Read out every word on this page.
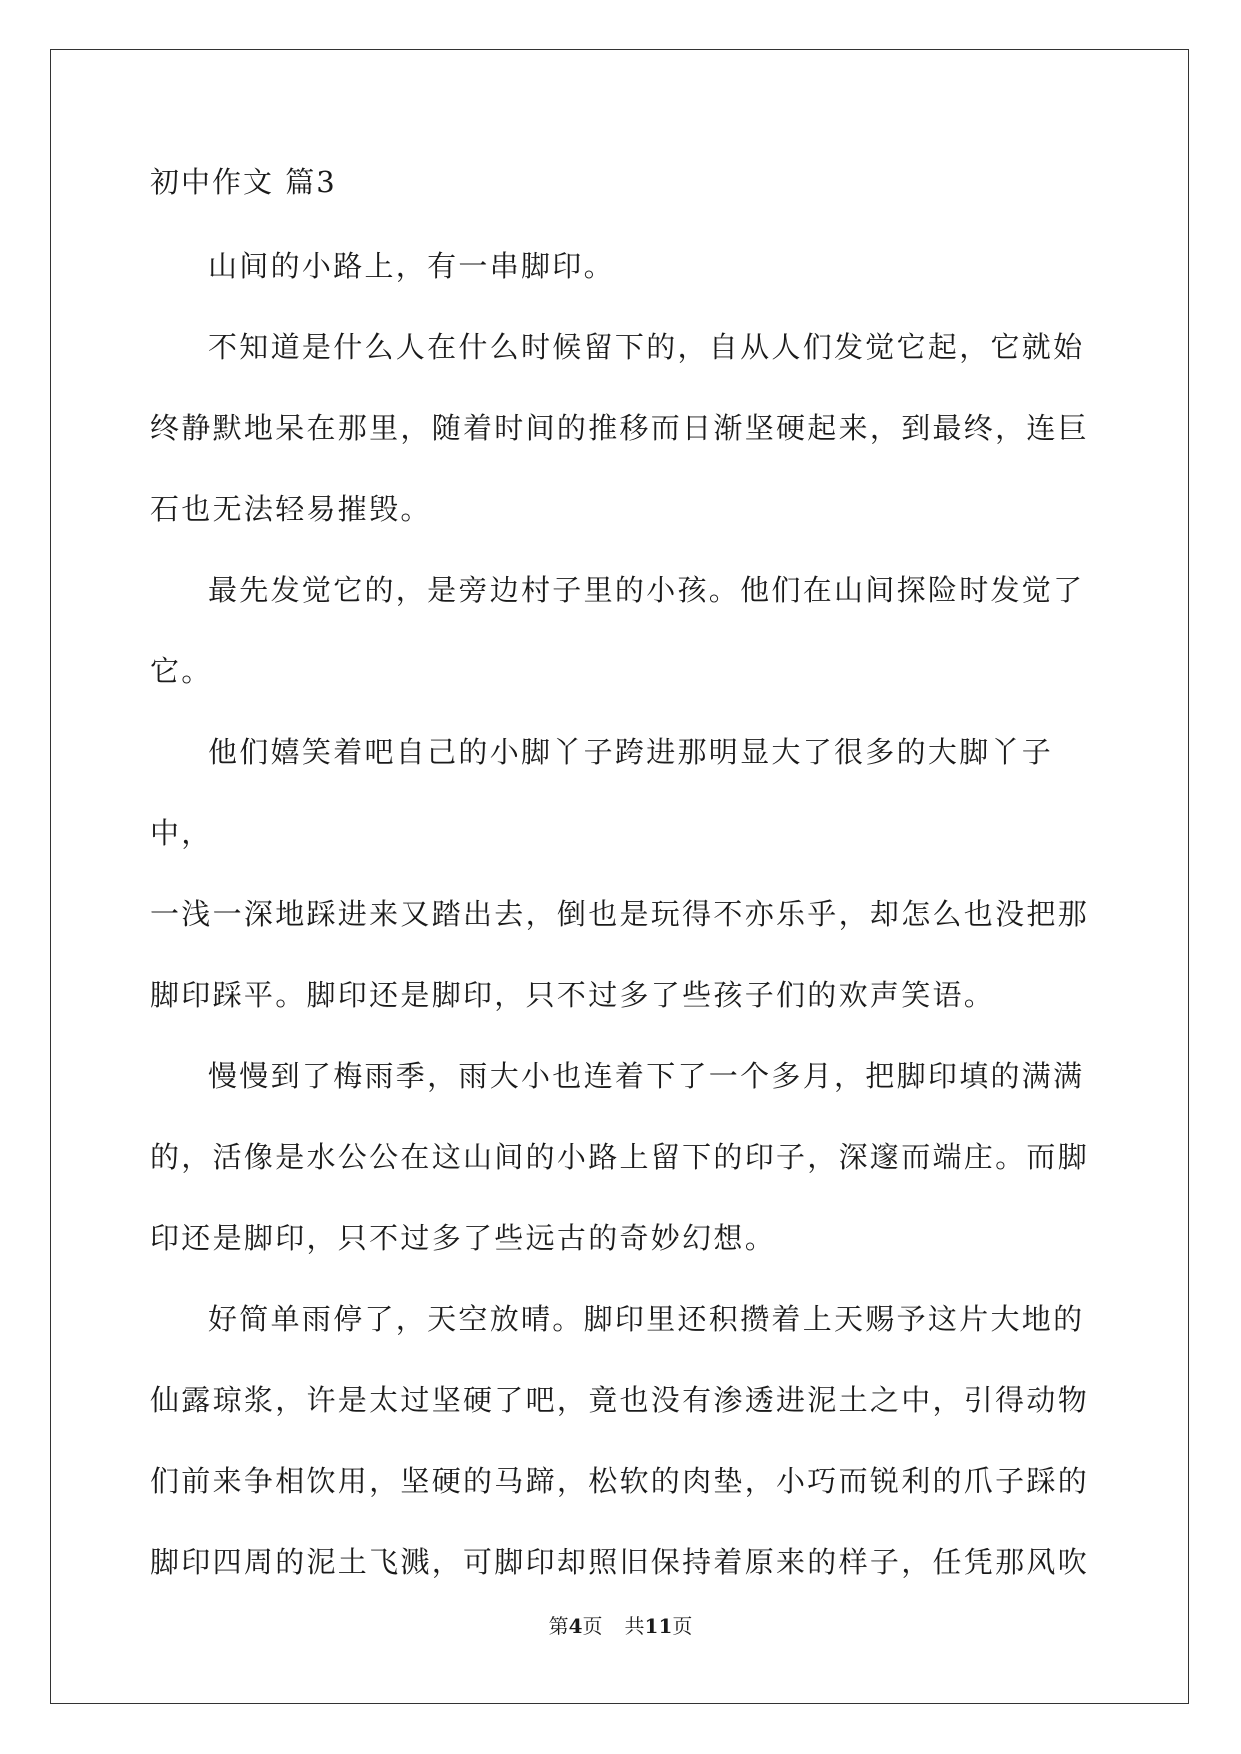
初中作文 篇3

山间的小路上，有一串脚印。

不知道是什么人在什么时候留下的，自从人们发觉它起，它就始
终静默地呆在那里，随着时间的推移而日渐坚硬起来，到最终，连巨
石也无法轻易摧毁。

最先发觉它的，是旁边村子里的小孩。他们在山间探险时发觉了
它。

他们嬉笑着吧自己的小脚丫子跨进那明显大了很多的大脚丫子中，
一浅一深地踩进来又踏出去，倒也是玩得不亦乐乎，却怎么也没把那
脚印踩平。脚印还是脚印，只不过多了些孩子们的欢声笑语。

慢慢到了梅雨季，雨大小也连着下了一个多月，把脚印填的满满
的，活像是水公公在这山间的小路上留下的印子，深邃而端庄。而脚
印还是脚印，只不过多了些远古的奇妙幻想。

好简单雨停了，天空放晴。脚印里还积攒着上天赐予这片大地的
仙露琼浆，许是太过坚硬了吧，竟也没有渗透进泥土之中，引得动物
们前来争相饮用，坚硬的马蹄，松软的肉垫，小巧而锐利的爪子踩的
脚印四周的泥土飞溅，可脚印却照旧保持着原来的样子，任凭那风吹

第4页 共11页
